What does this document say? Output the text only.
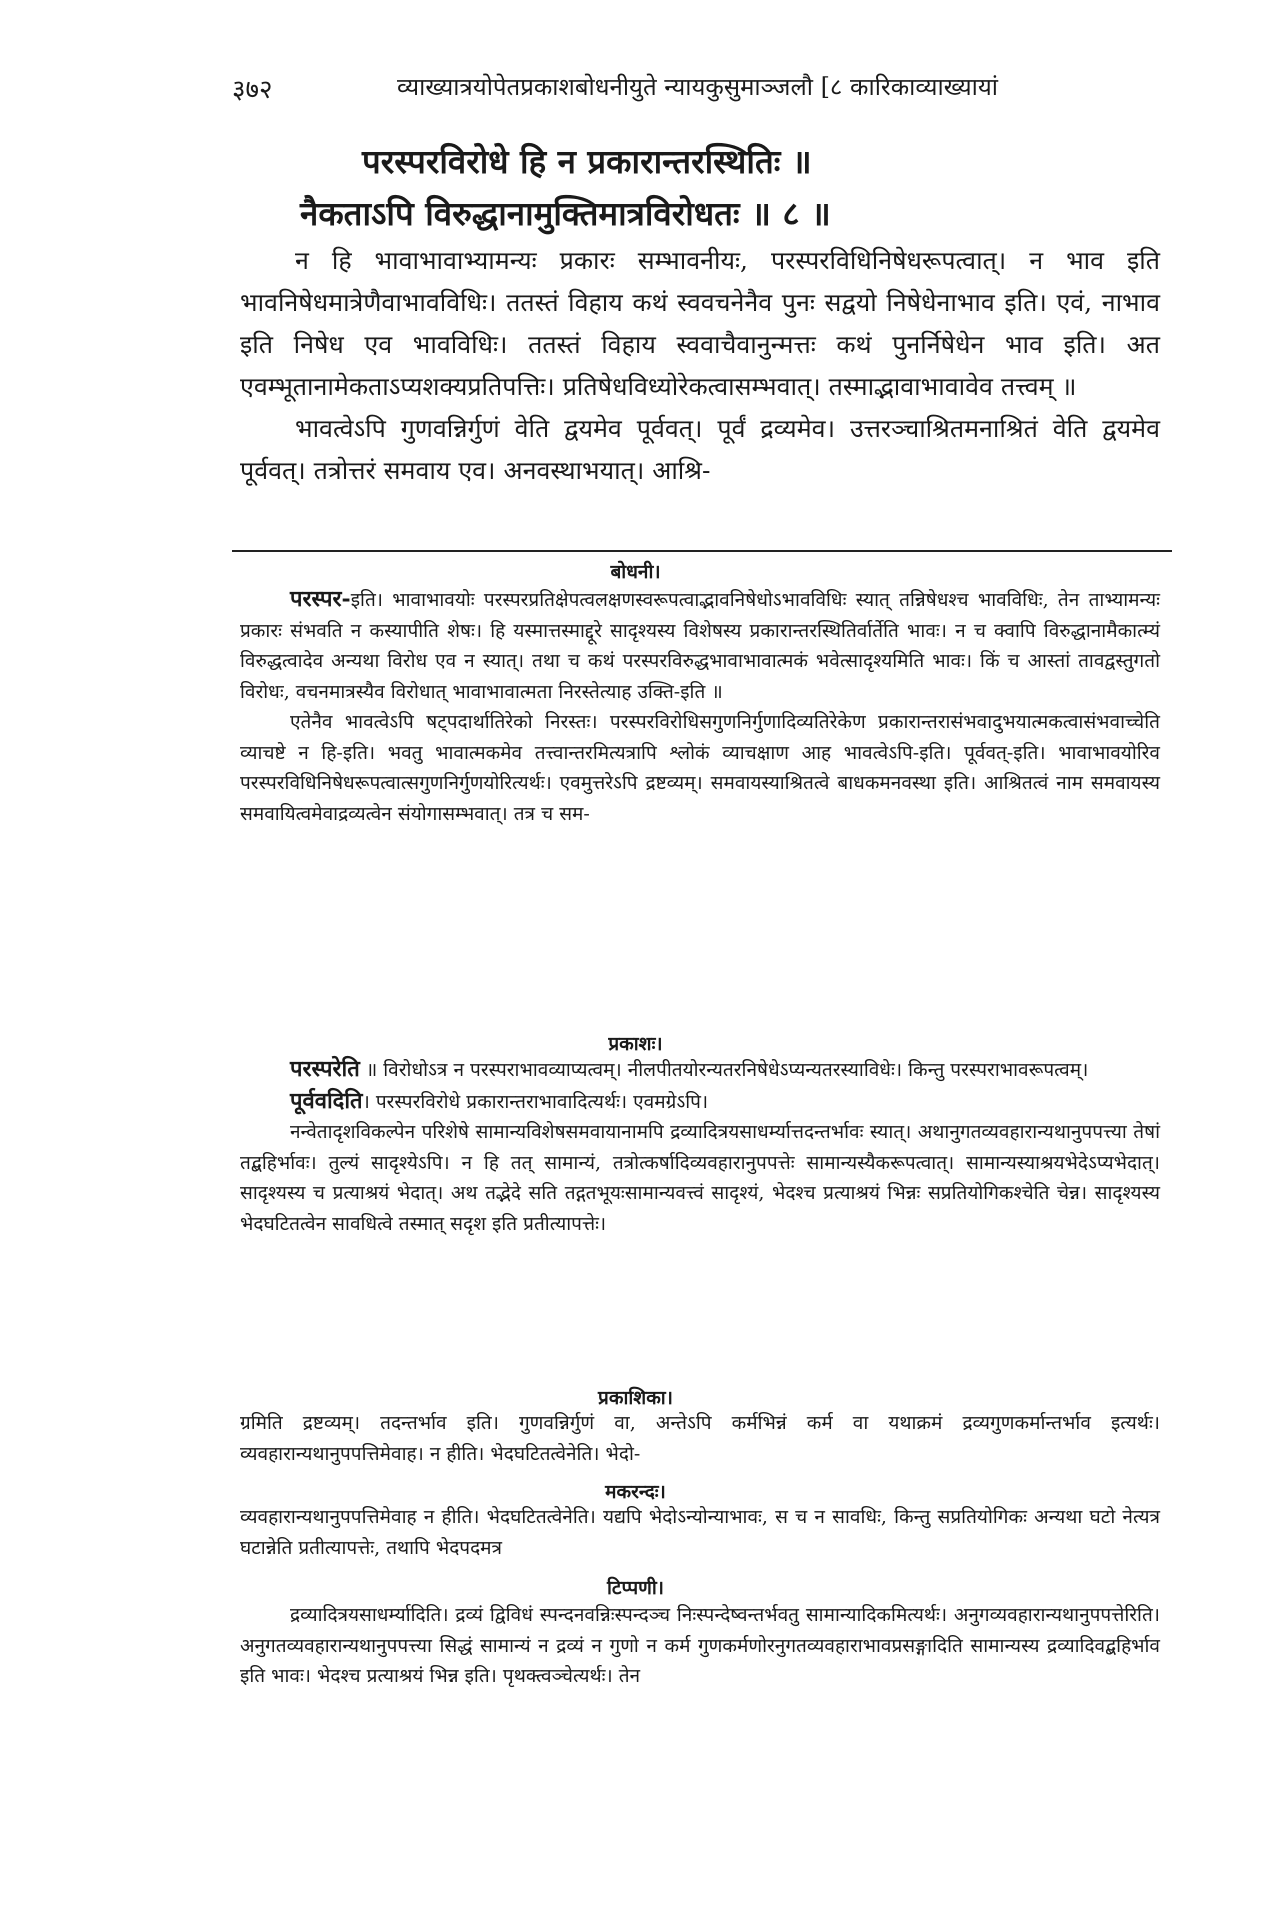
३७२	व्याख्यात्रयोपेतप्रकाशबोधनीयुते न्यायकुसुमाञ्जलौ [८ कारिकाव्याख्यायां
परस्परविरोधे हि न प्रकारान्तरस्थितिः ॥
नैकताऽपि विरुद्धानामुक्तिमात्रविरोधतः ॥ ८ ॥

न हि भावाभावाभ्यामन्यः प्रकारः सम्भावनीयः, परस्परविधिनिषेधरूपत्वात्। न भाव इति भावनिषेधमात्रेणैवाभावविधिः। ततस्तं विहाय कथं स्ववचनेनैव पुनः सद्वयो निषेधेनाभाव इति। एवं, नाभाव इति निषेध एव भावविधिः। ततस्तं विहाय स्ववाचैवानुन्मत्तः कथं पुनर्निषेधेन भाव इति। अत एवम्भूतानामेकताऽप्यशक्यप्रतिपत्तिः। प्रतिषेधविध्योरेकत्वासम्भवात्। तस्माद्भावाभावावेव तत्त्वम् ॥

भावत्वेऽपि गुणवन्निर्गुणं वेति द्वयमेव पूर्ववत्। पूर्वं द्रव्यमेव। उत्तरञ्चाश्रितमनाश्रितं वेति द्वयमेव पूर्ववत्। तत्रोत्तरं समवाय एव। अनवस्थाभयात्। आश्रि-

बोधनी।

परस्पर-इति। भावाभावयोः परस्परप्रतिक्षेपत्वलक्षणस्वरूपत्वाद्भावनिषेधोऽभावविधिः स्यात् तन्निषेधश्च भावविधिः, तेन ताभ्यामन्यः प्रकारः संभवति न कस्यापीति शेषः। हि यस्मात्तस्माद्दूरे सादृश्यस्य विशेषस्य प्रकारान्तरस्थितिर्वार्तेति भावः। न च क्वापि विरुद्धानामैकात्म्यं विरुद्धत्वादेव अन्यथा विरोध एव न स्यात्। तथा च कथं परस्परविरुद्धभावाभावात्मकं भवेत्सादृश्यमिति भावः। किं च आस्तां तावद्वस्तुगतो विरोधः, वचनमात्रस्यैव विरोधात् भावाभावात्मता निरस्तेत्याह उक्ति-इति ॥

एतेनैव भावत्वेऽपि षट्पदार्थातिरेको निरस्तः। परस्परविरोधिसगुणनिर्गुणादिव्यतिरेकेण प्रकारान्तरासंभवादुभयात्मकत्वासंभवाच्चेति व्याचष्टे न हि-इति। भवतु भावात्मकमेव तत्त्वान्तरमित्यत्रापि श्लोकं व्याचक्षाण आह भावत्वेऽपि-इति। पूर्ववत्-इति। भावाभावयोरिव परस्परविधिनिषेधरूपत्वात्सगुणनिर्गुणयोरित्यर्थः। एवमुत्तरेऽपि द्रष्टव्यम्। समवायस्याश्रितत्वे बाधकमनवस्था इति। आश्रितत्वं नाम समवायस्य समवायित्वमेवाद्रव्यत्वेन संयोगासम्भवात्। तत्र च सम-

प्रकाशः।

परस्परेति ॥ विरोधोऽत्र न परस्पराभावव्याप्यत्वम्। नीलपीतयोरन्यतरनिषेधेऽप्यन्यतरस्याविधेः। किन्तु परस्पराभावरूपत्वम्।

पूर्ववदिति। परस्परविरोधे प्रकारान्तराभावादित्यर्थः। एवमग्रेऽपि।

नन्वेतादृशविकल्पेन परिशेषे सामान्यविशेषसमवायानामपि द्रव्यादित्रयसाधर्म्यात्तदन्तर्भावः स्यात्। अथानुगतव्यवहारान्यथानुपपत्त्या तेषां तद्बहिर्भावः। तुल्यं सादृश्येऽपि। न हि तत् सामान्यं, तत्रोत्कर्षादिव्यवहारानुपपत्तेः सामान्यस्यैकरूपत्वात्। सामान्यस्याश्रयभेदेऽप्यभेदात्। सादृश्यस्य च प्रत्याश्रयं भेदात्। अथ तद्भेदे सति तद्गतभूयःसामान्यवत्त्वं सादृश्यं, भेदश्च प्रत्याश्रयं भिन्नः सप्रतियोगिकश्चेति चेन्न। सादृश्यस्य भेदघटितत्वेन सावधित्वे तस्मात् सदृश इति प्रतीत्यापत्तेः।

प्रकाशिका।

ग्रमिति द्रष्टव्यम्। तदन्तर्भाव इति। गुणवन्निर्गुणं वा, अन्तेऽपि कर्मभिन्नं कर्म वा यथाक्रमं द्रव्यगुणकर्मान्तर्भाव इत्यर्थः। व्यवहारान्यथानुपपत्तिमेवाह। न हीति। भेदघटितत्वेनेति। भेदो-

मकरन्दः।

व्यवहारान्यथानुपपत्तिमेवाह न हीति। भेदघटितत्वेनेति। यद्यपि भेदोऽन्योन्याभावः, स च न सावधिः, किन्तु सप्रतियोगिकः अन्यथा घटो नेत्यत्र घटान्नेति प्रतीत्यापत्तेः, तथापि भेदपदमत्र

टिप्पणी।

द्रव्यादित्रयसाधर्म्यादिति। द्रव्यं द्विविधं स्पन्दनवन्निःस्पन्दञ्च निःस्पन्देष्वन्तर्भवतु सामान्यादिकमित्यर्थः। अनुगव्यवहारान्यथानुपपत्तेरिति। अनुगतव्यवहारान्यथानुपपत्त्या सिद्धं सामान्यं न द्रव्यं न गुणो न कर्म गुणकर्मणोरनुगतव्यवहाराभावप्रसङ्गादिति सामान्यस्य द्रव्यादिवद्बहिर्भाव इति भावः। भेदश्च प्रत्याश्रयं भिन्न इति। पृथक्त्वञ्चेत्यर्थः। तेन
